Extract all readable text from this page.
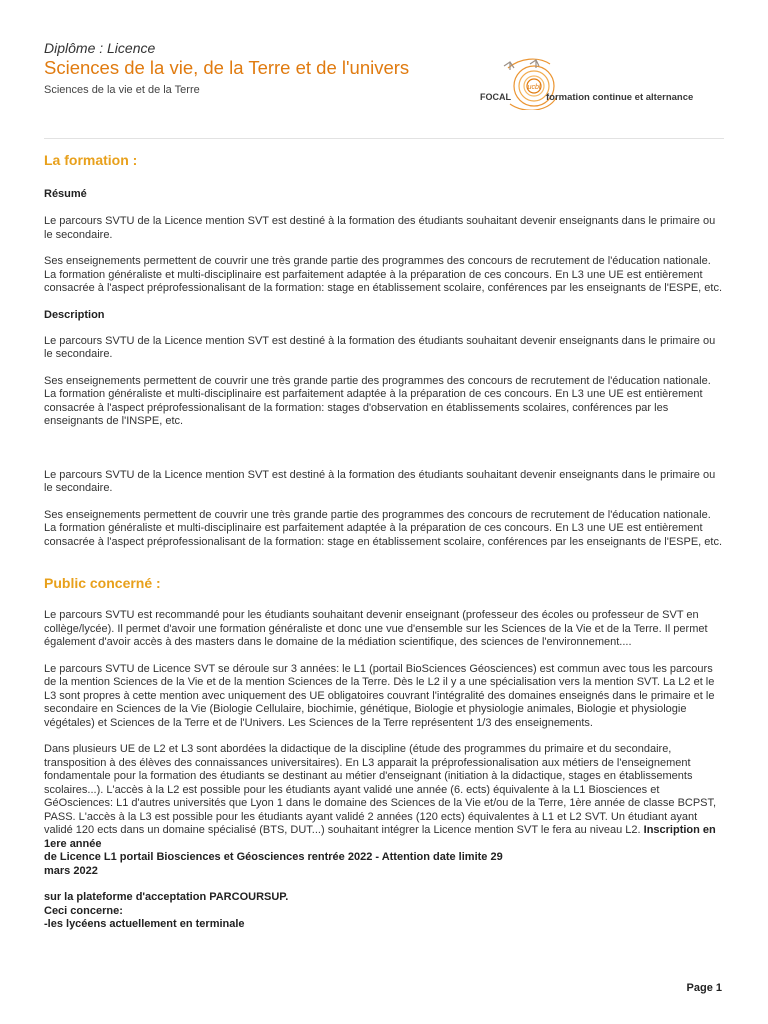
Diplôme : Licence
Sciences de la vie, de la Terre et de l'univers
Sciences de la vie et de la Terre	ucbl
FOCAL	formation continue et alternance
La formation :
Résumé

Le parcours SVTU de la Licence mention SVT est destiné à la formation des étudiants souhaitant devenir enseignants dans le primaire ou le secondaire.

Ses enseignements permettent de couvrir une très grande partie des programmes des concours de recrutement de l'éducation nationale. La formation généraliste et multi-disciplinaire est parfaitement adaptée à la préparation de ces concours. En L3 une UE est entièrement consacrée à l'aspect préprofessionalisant de la formation: stage en établissement scolaire, conférences par les enseignants de l'ESPE, etc.

Description

Le parcours SVTU de la Licence mention SVT est destiné à la formation des étudiants souhaitant devenir enseignants dans le primaire ou le secondaire.

Ses enseignements permettent de couvrir une très grande partie des programmes des concours de recrutement de l'éducation nationale. La formation généraliste et multi-disciplinaire est parfaitement adaptée à la préparation de ces concours. En L3 une UE est entièrement consacrée à l'aspect préprofessionalisant de la formation: stages d'observation en établissements scolaires, conférences par les enseignants de l'INSPE, etc.

Le parcours SVTU de la Licence mention SVT est destiné à la formation des étudiants souhaitant devenir enseignants dans le primaire ou le secondaire.

Ses enseignements permettent de couvrir une très grande partie des programmes des concours de recrutement de l'éducation nationale. La formation généraliste et multi-disciplinaire est parfaitement adaptée à la préparation de ces concours. En L3 une UE est entièrement consacrée à l'aspect préprofessionalisant de la formation: stage en établissement scolaire, conférences par les enseignants de l'ESPE, etc.

Public concerné :

Le parcours SVTU est recommandé pour les étudiants souhaitant devenir enseignant (professeur des écoles ou professeur de SVT en collège/lycée). Il permet d'avoir une formation généraliste et donc une vue d'ensemble sur les Sciences de la Vie et de la Terre. Il permet également d'avoir accès à des masters dans le domaine de la médiation scientifique, des sciences de l'environnement....

Le parcours SVTU de Licence SVT se déroule sur 3 années: le L1 (portail BioSciences Géosciences) est commun avec tous les parcours de la mention Sciences de la Vie et de la mention Sciences de la Terre. Dès le L2 il y a une spécialisation vers la mention SVT. La L2 et le L3 sont propres à cette mention avec uniquement des UE obligatoires couvrant l'intégralité des domaines enseignés dans le primaire et le secondaire en Sciences de la Vie (Biologie Cellulaire, biochimie, génétique, Biologie et physiologie animales, Biologie et physiologie végétales) et Sciences de la Terre et de l'Univers. Les Sciences de la Terre représentent 1/3 des enseignements.

Dans plusieurs UE de L2 et L3 sont abordées la didactique de la discipline (étude des programmes du primaire et du secondaire, transposition à des élèves des connaissances universitaires). En L3 apparait la préprofessionalisation aux métiers de l'enseignement fondamentale pour la formation des étudiants se destinant au métier d'enseignant (initiation à la didactique, stages en établissements scolaires...). L'accès à la L2 est possible pour les étudiants ayant validé une année (6. ects) équivalente à la L1 Biosciences et GéOsciences: L1 d'autres universités que Lyon 1 dans le domaine des Sciences de la Vie et/ou de la Terre, 1ère année de classe BCPST, PASS. L'accès à la L3 est possible pour les étudiants ayant validé 2 années (120 ects) équivalentes à L1 et L2 SVT. Un étudiant ayant validé 120 ects dans un domaine spécialisé (BTS, DUT...) souhaitant intégrer la Licence mention SVT le fera au niveau L2. Inscription en 1ere année
de Licence L1 portail Biosciences et Géosciences rentrée 2022 - Attention date limite 29
mars 2022

sur la plateforme d'acceptation PARCOURSUP.
Ceci concerne:
-les lycéens actuellement en terminale

Page 1
